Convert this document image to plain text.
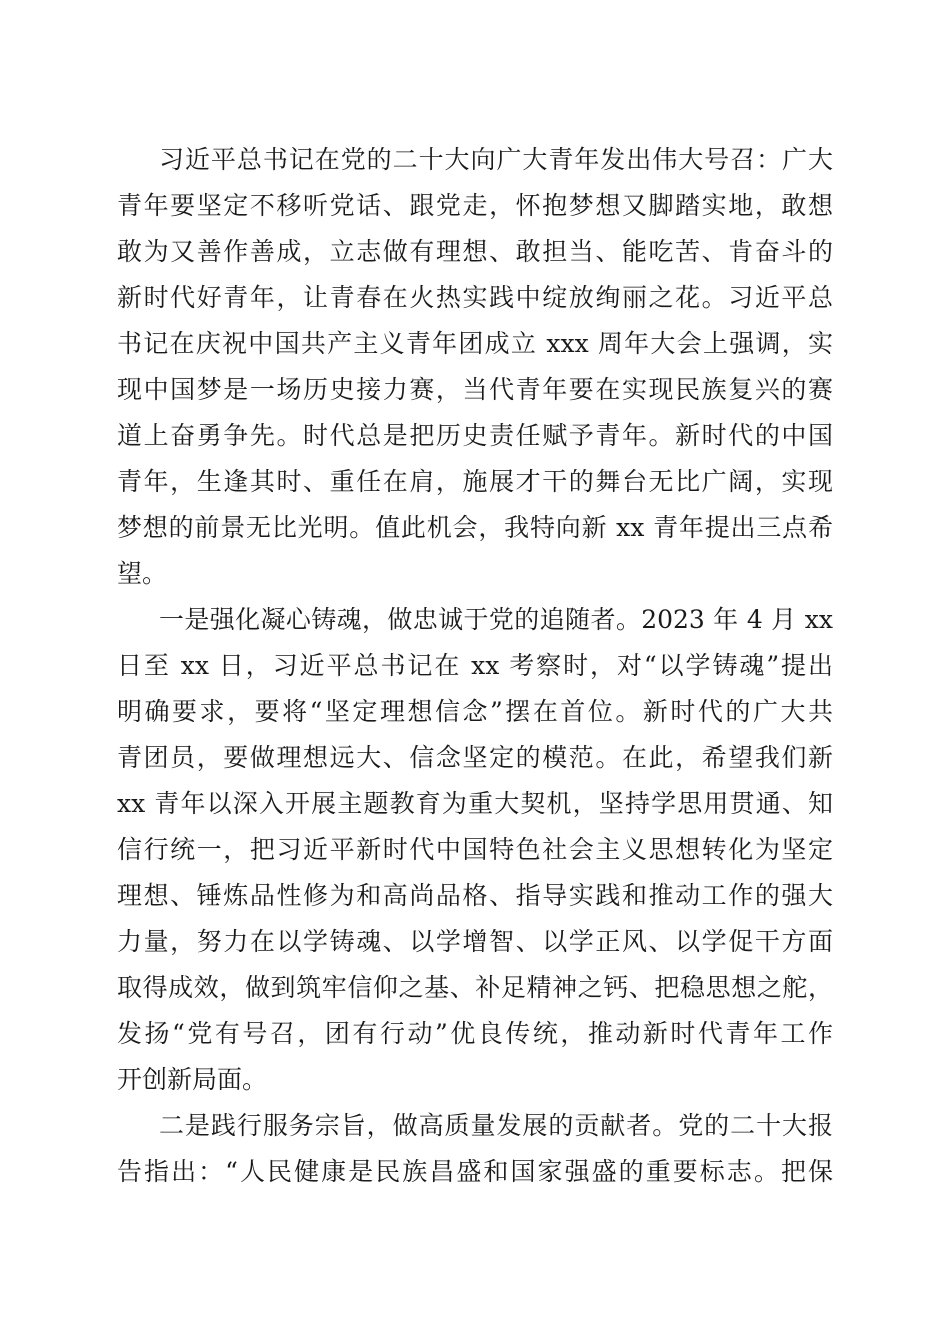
习近平总书记在党的二十大向广大青年发出伟大号召：广大
青年要坚定不移听党话、跟党走，怀抱梦想又脚踏实地，敢想
敢为又善作善成，立志做有理想、敢担当、能吃苦、肯奋斗的
新时代好青年，让青春在火热实践中绽放绚丽之花。习近平总
书记在庆祝中国共产主义青年团成立 xxx 周年大会上强调，实
现中国梦是一场历史接力赛，当代青年要在实现民族复兴的赛
道上奋勇争先。时代总是把历史责任赋予青年。新时代的中国
青年，生逢其时、重任在肩，施展才干的舞台无比广阔，实现
梦想的前景无比光明。值此机会，我特向新 xx 青年提出三点希
望。
一是强化凝心铸魂，做忠诚于党的追随者。2023 年 4 月 xx
日至 xx 日，习近平总书记在 xx 考察时，对“以学铸魂”提出
明确要求，要将“坚定理想信念”摆在首位。新时代的广大共
青团员，要做理想远大、信念坚定的模范。在此，希望我们新
xx 青年以深入开展主题教育为重大契机，坚持学思用贯通、知
信行统一，把习近平新时代中国特色社会主义思想转化为坚定
理想、锤炼品性修为和高尚品格、指导实践和推动工作的强大
力量，努力在以学铸魂、以学增智、以学正风、以学促干方面
取得成效，做到筑牢信仰之基、补足精神之钙、把稳思想之舵，
发扬“党有号召，团有行动”优良传统，推动新时代青年工作
开创新局面。
二是践行服务宗旨，做高质量发展的贡献者。党的二十大报
告指出：“人民健康是民族昌盛和国家强盛的重要标志。把保
